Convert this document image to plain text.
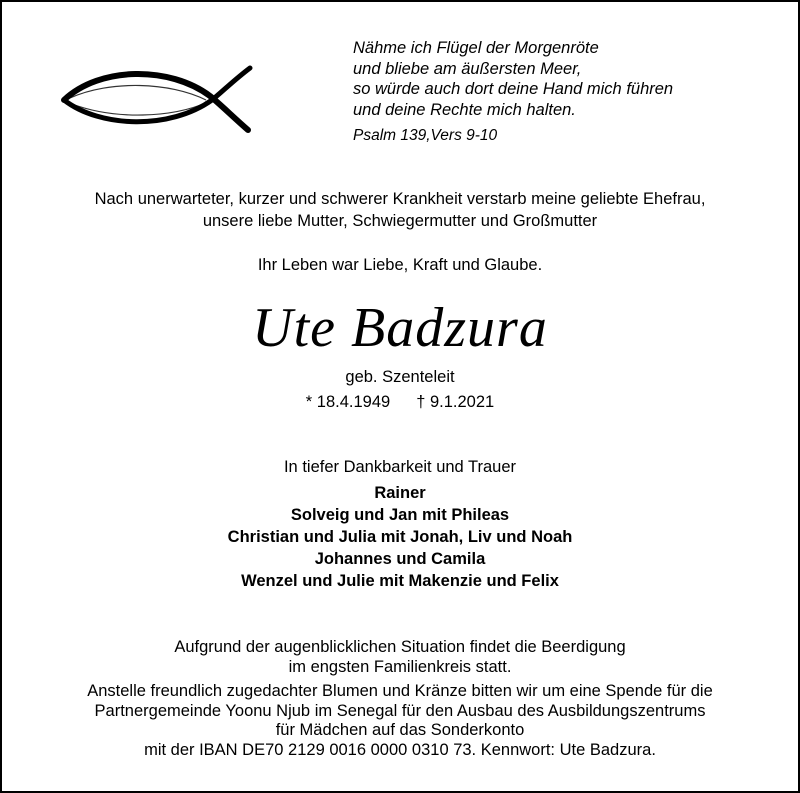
Nähme ich Flügel der Morgenröte
und bliebe am äußersten Meer,
so würde auch dort deine Hand mich führen
und deine Rechte mich halten.
Psalm 139,Vers 9-10
Nach unerwarteter, kurzer und schwerer Krankheit verstarb meine geliebte Ehefrau,
unsere liebe Mutter, Schwiegermutter und Großmutter
Ihr Leben war Liebe, Kraft und Glaube.
Ute Badzura
geb. Szenteleit
* 18.4.1949 † 9.1.2021
In tiefer Dankbarkeit und Trauer
Rainer
Solveig und Jan mit Phileas
Christian und Julia mit Jonah, Liv und Noah
Johannes und Camila
Wenzel und Julie mit Makenzie und Felix
Aufgrund der augenblicklichen Situation findet die Beerdigung
im engsten Familienkreis statt.
Anstelle freundlich zugedachter Blumen und Kränze bitten wir um eine Spende für die
Partnergemeinde Yoonu Njub im Senegal für den Ausbau des Ausbildungszentrums
für Mädchen auf das Sonderkonto
mit der IBAN DE70 2129 0016 0000 0310 73. Kennwort: Ute Badzura.
